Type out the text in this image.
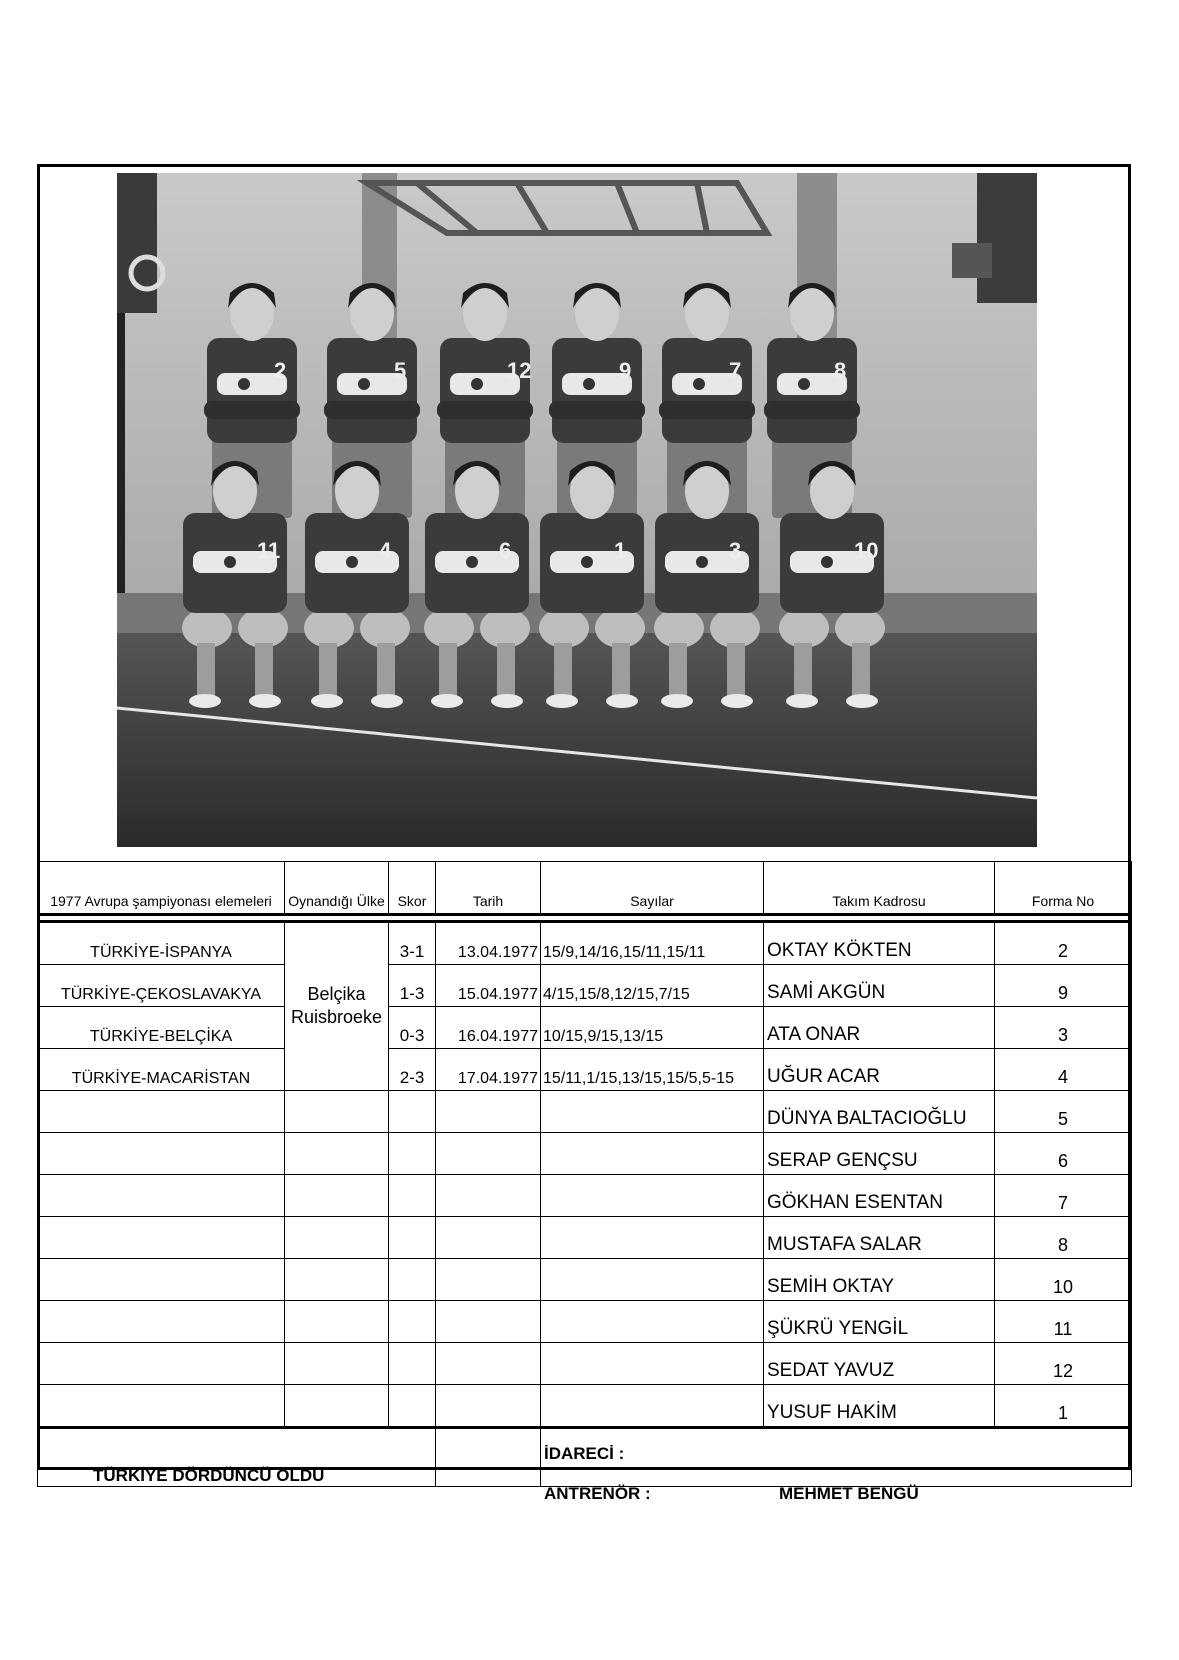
2	5	12	9	7	8
11	4	6	1	3	10
1977 Avrupa şampiyonası elemeleri	Oynandığı Ülke	Skor	Tarih	Sayılar	Takım Kadrosu	Forma No

TÜRKİYE-İSPANYA	Belçika Ruisbroeke	3-1	13.04.1977	15/9,14/16,15/11,15/11	OKTAY KÖKTEN	2
TÜRKİYE-ÇEKOSLAVAKYA		1-3	15.04.1977	4/15,15/8,12/15,7/15	SAMİ AKGÜN	9
TÜRKİYE-BELÇİKA		0-3	16.04.1977	10/15,9/15,13/15	ATA ONAR	3
TÜRKİYE-MACARİSTAN		2-3	17.04.1977	15/11,1/15,13/15,15/5,5-15	UĞUR ACAR	4
					DÜNYA BALTACIOĞLU	5
					SERAP GENÇSU	6
					GÖKHAN ESENTAN	7
					MUSTAFA SALAR	8
					SEMİH OKTAY	10
					ŞÜKRÜ YENGİL	11
					SEDAT YAVUZ	12
					YUSUF HAKİM	1
TÜRKİYE DÖRDÜNCÜ OLDU				İDARECİ :
ANTRENÖR : MEHMET BENGÜ		
